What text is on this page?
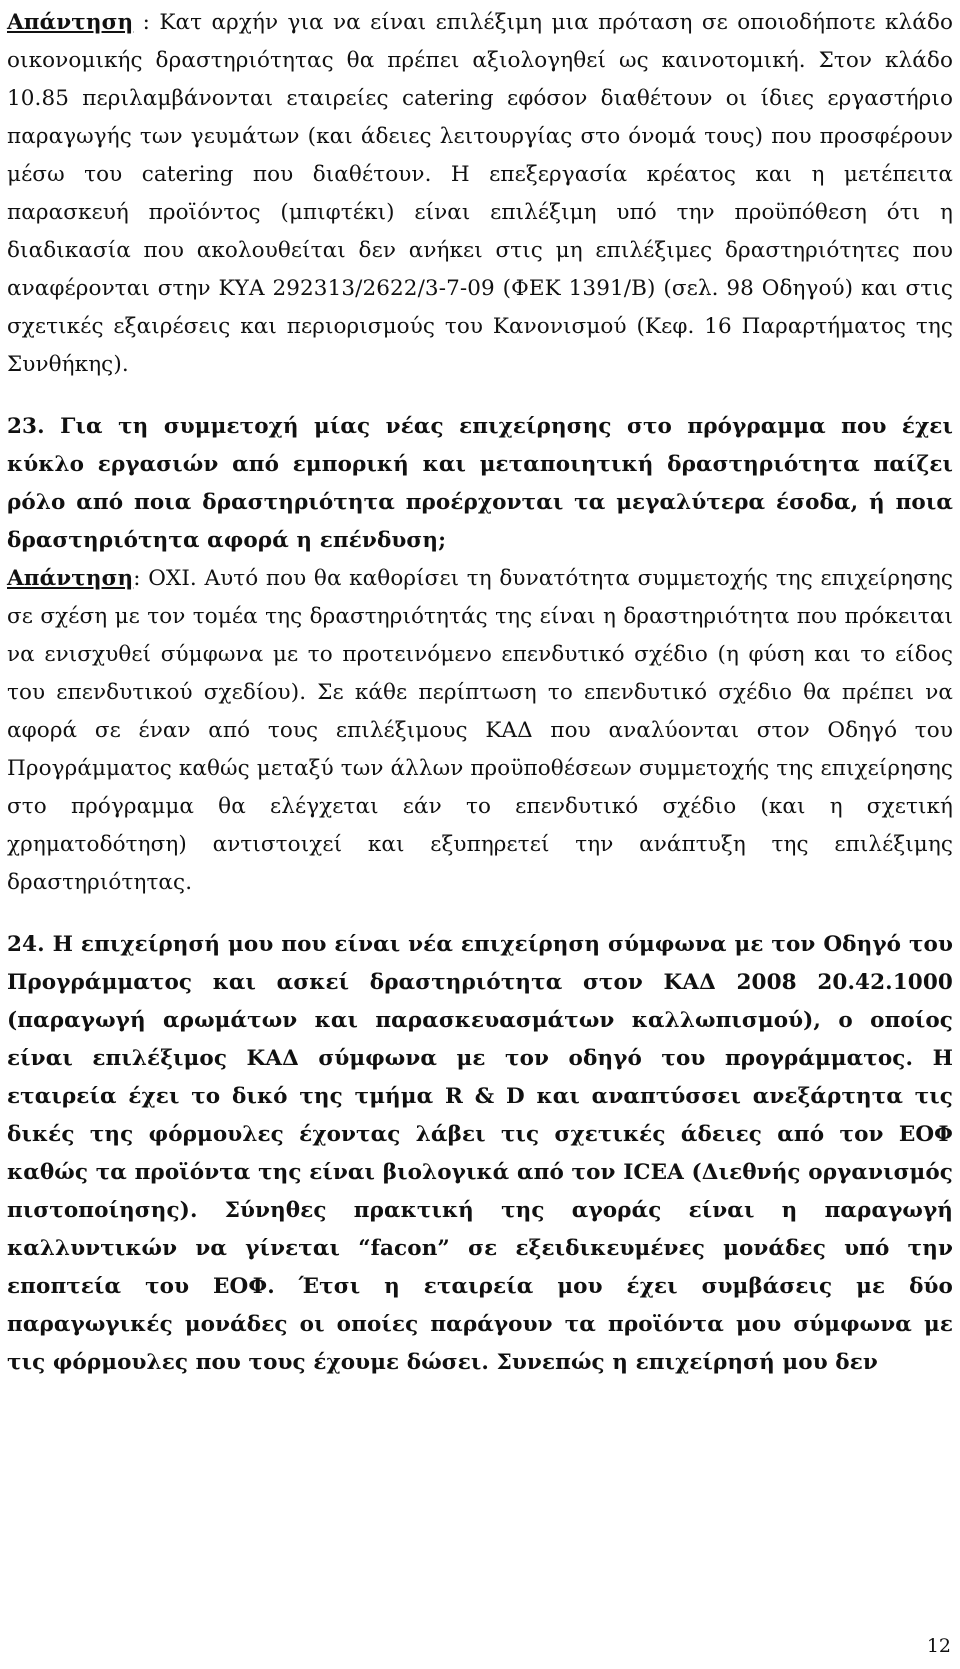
Απάντηση : Κατ αρχήν για να είναι επιλέξιμη μια πρόταση σε οποιοδήποτε κλάδο οικονομικής δραστηριότητας θα πρέπει αξιολογηθεί ως καινοτομική. Στον κλάδο 10.85 περιλαμβάνονται εταιρείες catering εφόσον διαθέτουν οι ίδιες εργαστήριο παραγωγής των γευμάτων (και άδειες λειτουργίας στο όνομά τους) που προσφέρουν μέσω του catering που διαθέτουν. Η επεξεργασία κρέατος και η μετέπειτα παρασκευή προϊόντος (μπιφτέκι) είναι επιλέξιμη υπό την προϋπόθεση ότι η διαδικασία που ακολουθείται δεν ανήκει στις μη επιλέξιμες δραστηριότητες που αναφέρονται στην ΚΥΑ 292313/2622/3-7-09 (ΦΕΚ 1391/Β) (σελ. 98 Οδηγού) και στις σχετικές εξαιρέσεις και περιορισμούς του Κανονισμού (Κεφ. 16 Παραρτήματος της Συνθήκης).

23. Για τη συμμετοχή μίας νέας επιχείρησης στο πρόγραμμα που έχει κύκλο εργασιών από εμπορική και μεταποιητική δραστηριότητα παίζει ρόλο από ποια δραστηριότητα προέρχονται τα μεγαλύτερα έσοδα, ή ποια δραστηριότητα αφορά η επένδυση;

Απάντηση: ΟΧΙ. Αυτό που θα καθορίσει τη δυνατότητα συμμετοχής της επιχείρησης σε σχέση με τον τομέα της δραστηριότητάς της είναι η δραστηριότητα που πρόκειται να ενισχυθεί σύμφωνα με το προτεινόμενο επενδυτικό σχέδιο (η φύση και το είδος του επενδυτικού σχεδίου). Σε κάθε περίπτωση το επενδυτικό σχέδιο θα πρέπει να αφορά σε έναν από τους επιλέξιμους ΚΑΔ που αναλύονται στον Οδηγό του Προγράμματος καθώς μεταξύ των άλλων προϋποθέσεων συμμετοχής της επιχείρησης στο πρόγραμμα θα ελέγχεται εάν το επενδυτικό σχέδιο (και η σχετική χρηματοδότηση) αντιστοιχεί και εξυπηρετεί την ανάπτυξη της επιλέξιμης δραστηριότητας.

24. Η επιχείρησή μου που είναι νέα επιχείρηση σύμφωνα με τον Οδηγό του Προγράμματος και ασκεί δραστηριότητα στον ΚΑΔ 2008 20.42.1000 (παραγωγή αρωμάτων και παρασκευασμάτων καλλωπισμού), ο οποίος είναι επιλέξιμος ΚΑΔ σύμφωνα με τον οδηγό του προγράμματος. Η εταιρεία έχει το δικό της τμήμα R & D και αναπτύσσει ανεξάρτητα τις δικές της φόρμουλες έχοντας λάβει τις σχετικές άδειες από τον ΕΟΦ καθώς τα προϊόντα της είναι βιολογικά από τον ICEA (Διεθνής οργανισμός πιστοποίησης). Σύνηθες πρακτική της αγοράς είναι η παραγωγή καλλυντικών να γίνεται “facon” σε εξειδικευμένες μονάδες υπό την εποπτεία του ΕΟΦ. Έτσι η εταιρεία μου έχει συμβάσεις με δύο παραγωγικές μονάδες οι οποίες παράγουν τα προϊόντα μου σύμφωνα με τις φόρμουλες που τους έχουμε δώσει. Συνεπώς η επιχείρησή μου δεν

12
